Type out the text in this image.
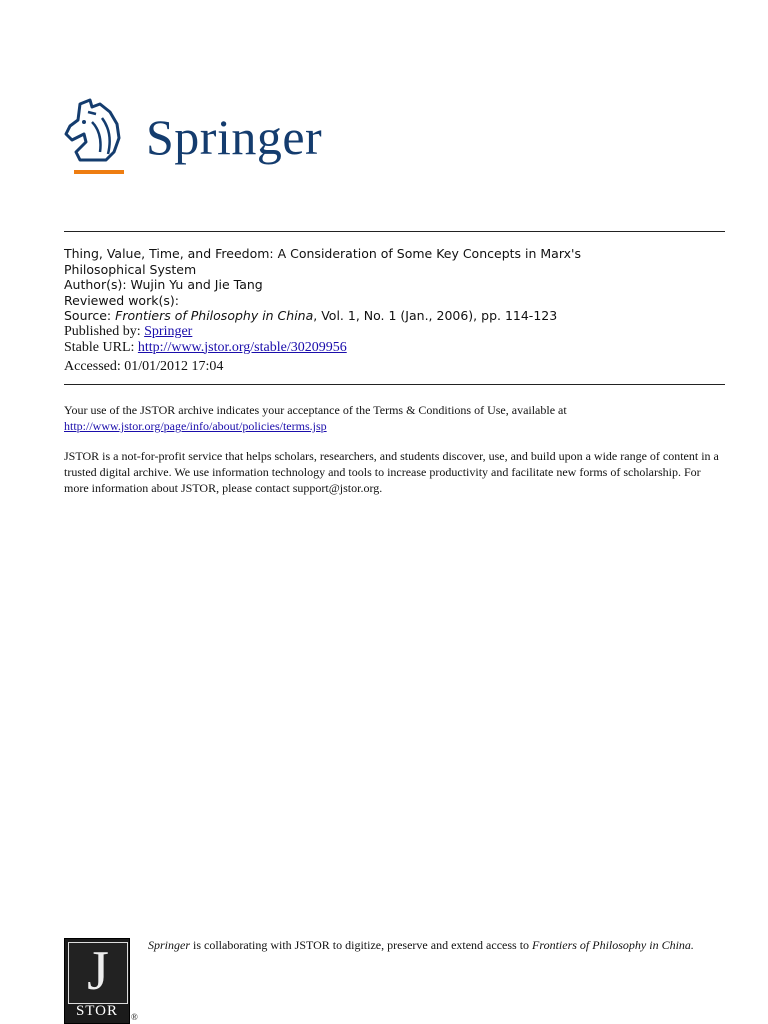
Springer
Thing, Value, Time, and Freedom: A Consideration of Some Key Concepts in Marx's
Philosophical System
Author(s): Wujin Yu and Jie Tang
Reviewed work(s):
Source: Frontiers of Philosophy in China, Vol. 1, No. 1 (Jan., 2006), pp. 114-123
Published by: Springer
Stable URL: http://www.jstor.org/stable/30209956
Accessed: 01/01/2012 17:04
Your use of the JSTOR archive indicates your acceptance of the Terms & Conditions of Use, available at
http://www.jstor.org/page/info/about/policies/terms.jsp
JSTOR is a not-for-profit service that helps scholars, researchers, and students discover, use, and build upon a wide range of content in a trusted digital archive. We use information technology and tools to increase productivity and facilitate new forms of scholarship. For more information about JSTOR, please contact support@jstor.org.
J
STOR	®
Springer is collaborating with JSTOR to digitize, preserve and extend access to Frontiers of Philosophy in China.
